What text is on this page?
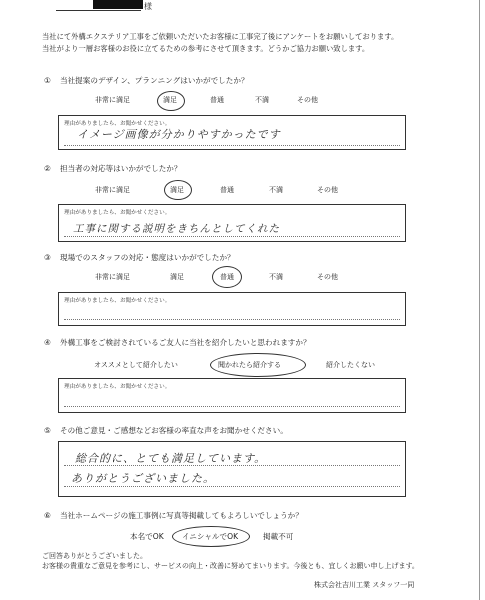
様
当社にて外構エクステリア工事をご依頼いただいたお客様に工事完了後にアンケートをお願いしております。
当社がより一層お客様のお役に立てるための参考にさせて頂きます。どうかご協力お願い致します。
① 当社提案のデザイン、プランニングはいかがでしたか？
非常に満足	満足	普通	不満	その他
理由がありましたら、お聞かせください。
イメージ画像が分かりやすかったです
② 担当者の対応等はいかがでしたか？
非常に満足	満足	普通	不満	その他
理由がありましたら、お聞かせください。
工事に関する説明をきちんとしてくれた
③ 現場でのスタッフの対応・態度はいかがでしたか？
非常に満足	満足	普通	不満	その他
理由がありましたら、お聞かせください。
④ 外構工事をご検討されているご友人に当社を紹介したいと思われますか？
オススメとして紹介したい	聞かれたら紹介する	紹介したくない
理由がありましたら、お聞かせください。
⑤ その他ご意見・ご感想などお客様の率直な声をお聞かせください。
総合的に、とても満足しています。
ありがとうございました。
⑥ 当社ホームページの施工事例に写真等掲載してもよろしいでしょうか？
本名でOK イニシャルでOK	掲載不可
ご回答ありがとうございました。
お客様の貴重なご意見を参考にし、サービスの向上・改善に努めてまいります。今後とも、宜しくお願い申し上げます。
株式会社吉川工業 スタッフ一同
